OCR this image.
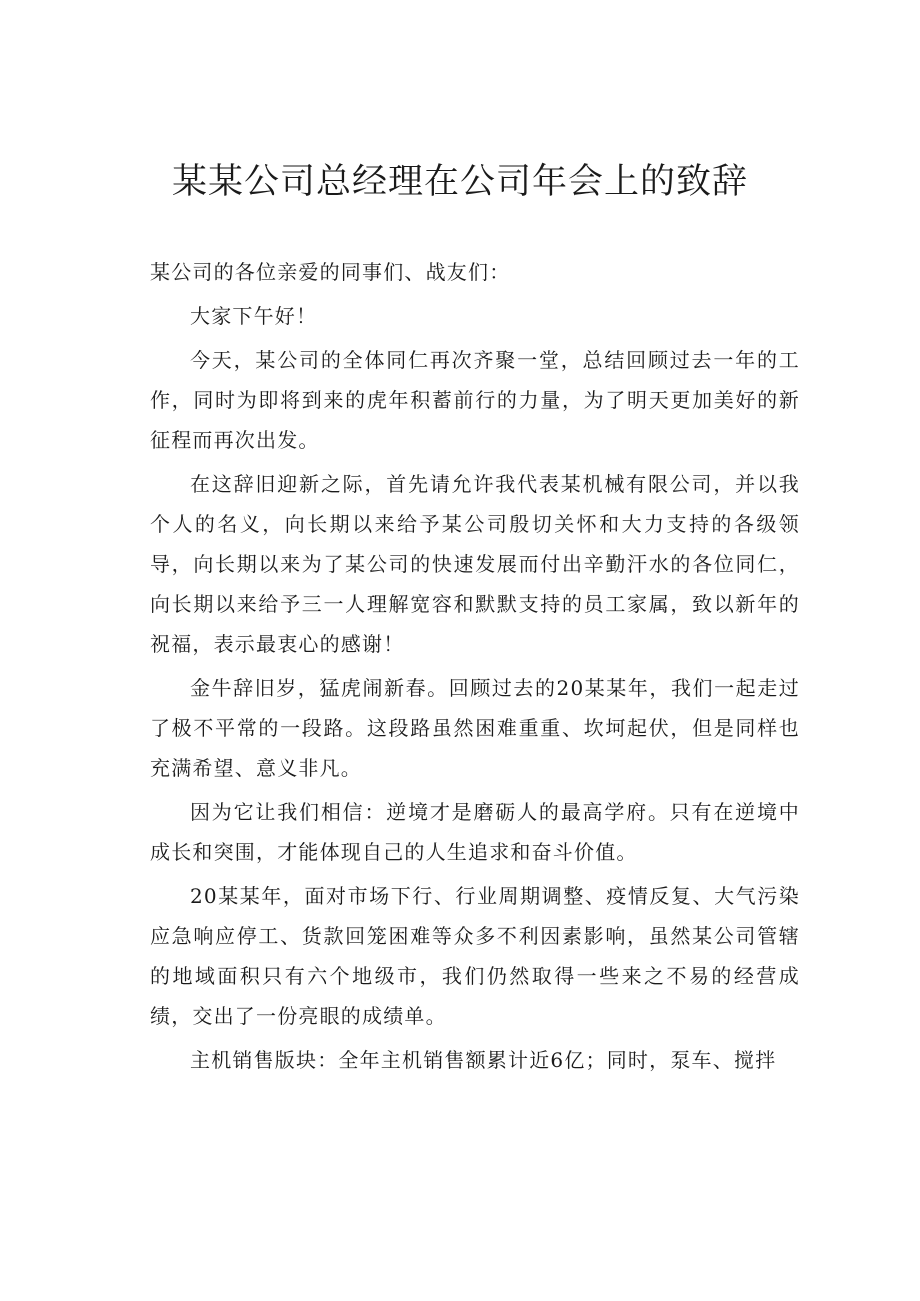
某某公司总经理在公司年会上的致辞

某公司的各位亲爱的同事们、战友们：

大家下午好！

今天，某公司的全体同仁再次齐聚一堂，总结回顾过去一年的工作，同时为即将到来的虎年积蓄前行的力量，为了明天更加美好的新征程而再次出发。

在这辞旧迎新之际，首先请允许我代表某机械有限公司，并以我个人的名义，向长期以来给予某公司殷切关怀和大力支持的各级领导，向长期以来为了某公司的快速发展而付出辛勤汗水的各位同仁，向长期以来给予三一人理解宽容和默默支持的员工家属，致以新年的祝福，表示最衷心的感谢！

金牛辞旧岁，猛虎闹新春。回顾过去的20某某年，我们一起走过了极不平常的一段路。这段路虽然困难重重、坎坷起伏，但是同样也充满希望、意义非凡。

因为它让我们相信：逆境才是磨砺人的最高学府。只有在逆境中成长和突围，才能体现自己的人生追求和奋斗价值。

20某某年，面对市场下行、行业周期调整、疫情反复、大气污染应急响应停工、货款回笼困难等众多不利因素影响，虽然某公司管辖的地域面积只有六个地级市，我们仍然取得一些来之不易的经营成绩，交出了一份亮眼的成绩单。

主机销售版块：全年主机销售额累计近6亿；同时，泵车、搅拌
